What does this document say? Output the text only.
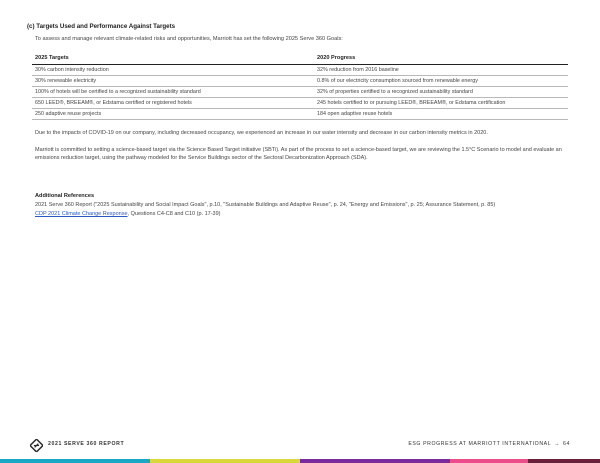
(c) Targets Used and Performance Against Targets
To assess and manage relevant climate-related risks and opportunities, Marriott has set the following 2025 Serve 360 Goals:
2025 Targets	2020 Progress
30% carbon intensity reduction	32% reduction from 2016 baseline
30% renewable electricity	0.8% of our electricity consumption sourced from renewable energy
100% of hotels will be certified to a recognized sustainability standard	32% of properties certified to a recognized sustainability standard
650 LEED®, BREEAM®, or Edstama certified or registered hotels	245 hotels certified to or pursuing LEED®, BREEAM®, or Edstama certification
250 adaptive reuse projects	184 open adaptive reuse hotels
Due to the impacts of COVID-19 on our company, including decreased occupancy, we experienced an increase in our water intensity and decrease in our carbon intensity metrics in 2020.
Marriott is committed to setting a science-based target via the Science Based Target initiative (SBTi). As part of the process to set a science-based target, we are reviewing the 1.5°C Scenario to model and evaluate an emissions reduction target, using the pathway modeled for the Service Buildings sector of the Sectoral Decarbonization Approach (SDA).
Additional References
2021 Serve 360 Report ("2025 Sustainability and Social Impact Goals", p.10, "Sustainable Buildings and Adaptive Reuse", p. 24, "Energy and Emissions", p. 25; Assurance Statement, p. 85)
CDP 2021 Climate Change Response, Questions C4-C8 and C10 (p. 17-39)
2021 SERVE 360 REPORT	ESG PROGRESS AT MARRIOTT INTERNATIONAL → 64
